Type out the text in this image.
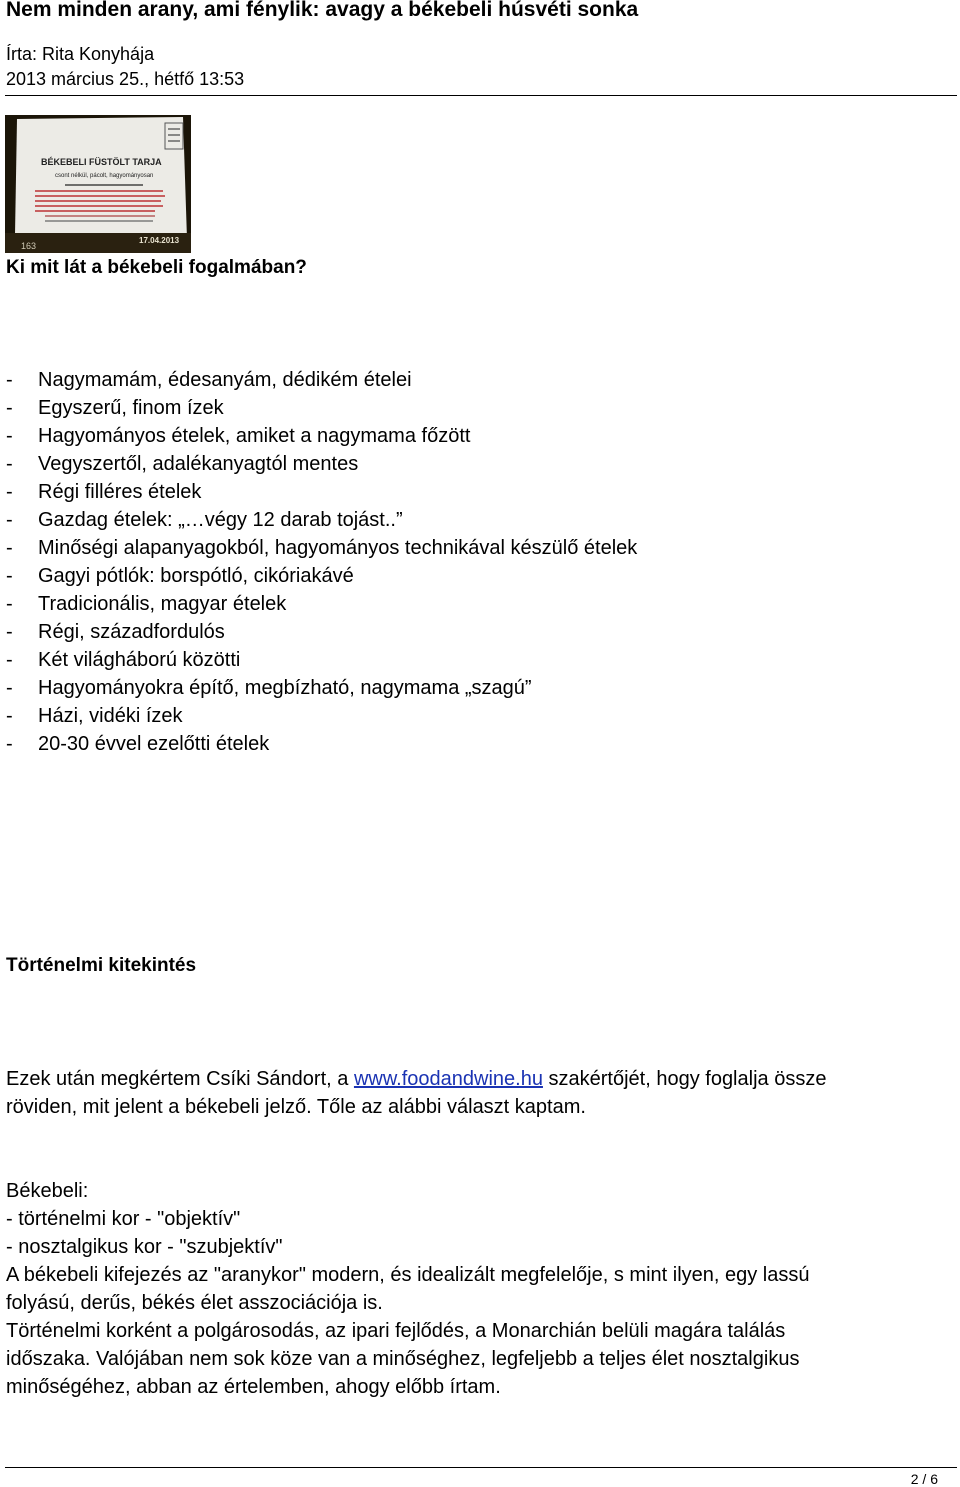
Nem minden arany, ami fénylik: avagy a békebeli húsvéti sonka
Írta: Rita Konyhája
2013 március 25., hétfő 13:53
BÉKEBELI FÜSTÖLT TARJA
csont nélkül, pácolt, hagyományosan
163
17.04.2013
Ki mit lát a békebeli fogalmában?
- Nagymamám, édesanyám, dédikém ételei
- Egyszerű, finom ízek
- Hagyományos ételek, amiket a nagymama főzött
- Vegyszertől, adalékanyagtól mentes
- Régi filléres ételek
- Gazdag ételek: „…végy 12 darab tojást..”
- Minőségi alapanyagokból, hagyományos technikával készülő ételek
- Gagyi pótlók: borspótló, cikóriakávé
- Tradicionális, magyar ételek
- Régi, századfordulós
- Két világháború közötti
- Hagyományokra építő, megbízható, nagymama „szagú”
- Házi, vidéki ízek
- 20-30 évvel ezelőtti ételek
Történelmi kitekintés
Ezek után megkértem Csíki Sándort, a www.foodandwine.hu szakértőjét, hogy foglalja össze
röviden, mit jelent a békebeli jelző. Tőle az alábbi választ kaptam.
Békebeli:
- történelmi kor - "objektív"
- nosztalgikus kor - "szubjektív"
A békebeli kifejezés az "aranykor" modern, és idealizált megfelelője, s mint ilyen, egy lassú
folyású, derűs, békés élet asszociációja is.
Történelmi korként a polgárosodás, az ipari fejlődés, a Monarchián belüli magára találás
időszaka. Valójában nem sok köze van a minőséghez, legfeljebb a teljes élet nosztalgikus
minőségéhez, abban az értelemben, ahogy előbb írtam.
2 / 6
